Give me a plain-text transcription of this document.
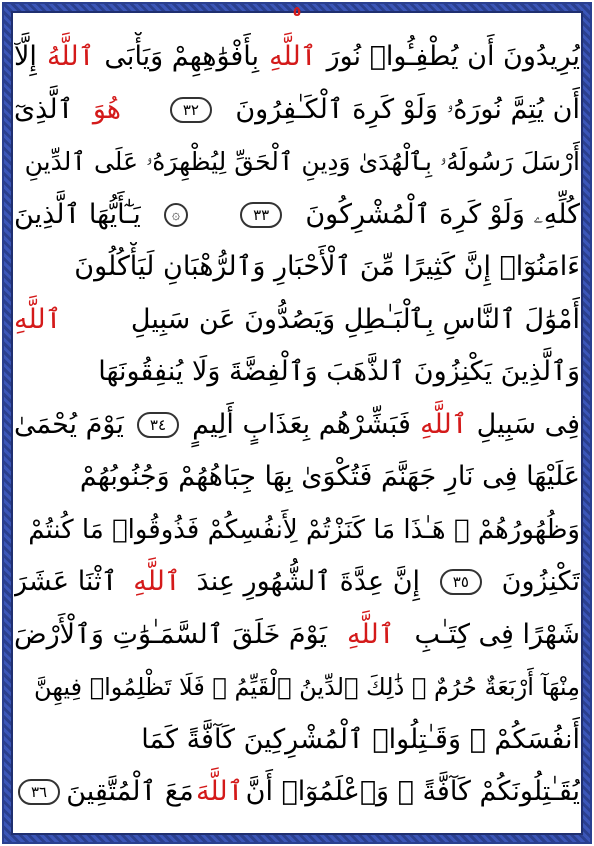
٥
يُرِيدُونَ أَن يُطْفِـُٔوا۟ نُورَ
ٱللَّهِ
بِأَفْوَٰهِهِمْ وَيَأْبَى
ٱللَّهُ
إِلَّآ
أَن يُتِمَّ نُورَهُۥ وَلَوْ كَرِهَ ٱلْكَـٰفِرُونَ
٣٢
هُوَ
ٱلَّذِىٓ
أَرْسَلَ رَسُولَهُۥ بِٱلْهُدَىٰ وَدِينِ ٱلْحَقِّ لِيُظْهِرَهُۥ عَلَى ٱلدِّينِ
كُلِّهِۦ وَلَوْ كَرِهَ ٱلْمُشْرِكُونَ
٣٣
۞
يَـٰٓأَيُّهَا ٱلَّذِينَ
ءَامَنُوٓا۟ إِنَّ كَثِيرًا مِّنَ ٱلْأَحْبَارِ وَٱلرُّهْبَانِ لَيَأْكُلُونَ
أَمْوَٰلَ ٱلنَّاسِ بِٱلْبَـٰطِلِ وَيَصُدُّونَ عَن سَبِيلِ
ٱللَّهِ
وَٱلَّذِينَ يَكْنِزُونَ ٱلذَّهَبَ وَٱلْفِضَّةَ وَلَا يُنفِقُونَهَا
فِى سَبِيلِ
ٱللَّهِ
فَبَشِّرْهُم بِعَذَابٍ أَلِيمٍ
٣٤
يَوْمَ يُحْمَىٰ
عَلَيْهَا فِى نَارِ جَهَنَّمَ فَتُكْوَىٰ بِهَا جِبَاهُهُمْ وَجُنُوبُهُمْ
وَظُهُورُهُمْ ۖ هَـٰذَا مَا كَنَزْتُمْ لِأَنفُسِكُمْ فَذُوقُوا۟ مَا كُنتُمْ
تَكْنِزُونَ
٣٥
إِنَّ عِدَّةَ ٱلشُّهُورِ عِندَ
ٱللَّهِ
ٱثْنَا عَشَرَ
شَهْرًا فِى كِتَـٰبِ
ٱللَّهِ
يَوْمَ خَلَقَ ٱلسَّمَـٰوَٰتِ وَٱلْأَرْضَ
مِنْهَآ أَرْبَعَةٌ حُرُمٌ ۚ ذَٰلِكَ ٱلدِّينُ ٱلْقَيِّمُ ۚ فَلَا تَظْلِمُوا۟ فِيهِنَّ
أَنفُسَكُمْ ۚ وَقَـٰتِلُوا۟ ٱلْمُشْرِكِينَ كَآفَّةً كَمَا
يُقَـٰتِلُونَكُمْ كَآفَّةً ۚ وَٱعْلَمُوٓا۟ أَنَّ
ٱللَّهَ
مَعَ ٱلْمُتَّقِينَ
٣٦
